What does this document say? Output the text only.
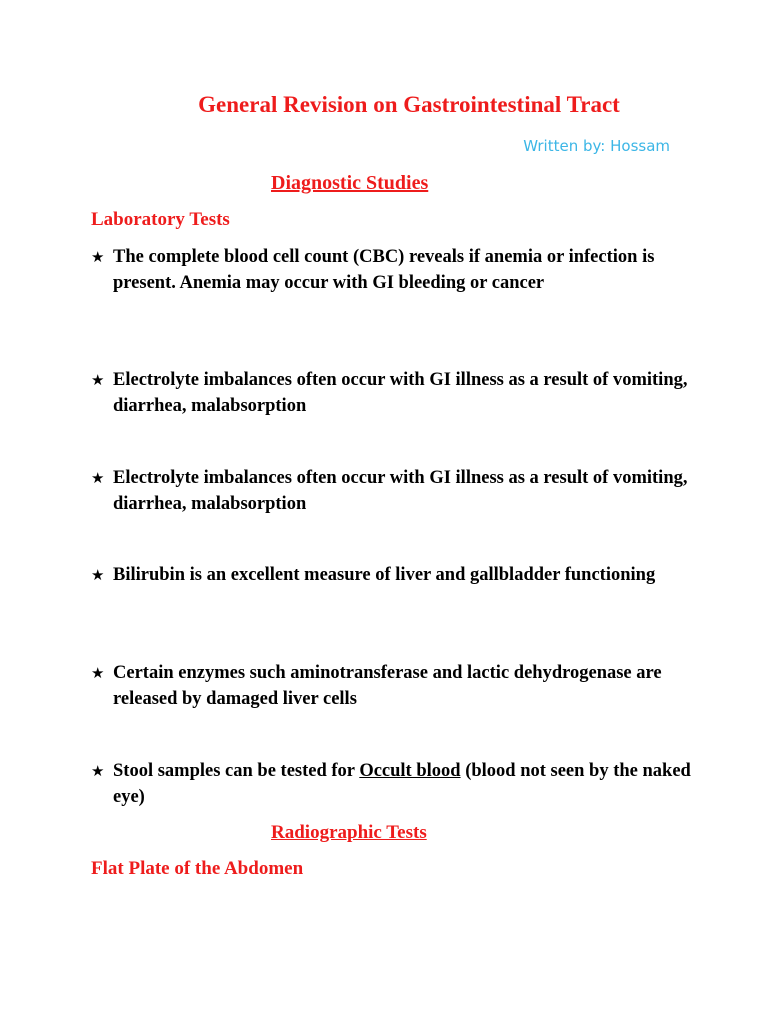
General Revision on Gastrointestinal Tract
Written by: Hossam
Diagnostic Studies
Laboratory Tests
★ The complete blood cell count (CBC) reveals if anemia or infection is present. Anemia may occur with GI bleeding or cancer
★ Electrolyte imbalances often occur with GI illness as a result of vomiting, diarrhea, malabsorption
★ Electrolyte imbalances often occur with GI illness as a result of vomiting, diarrhea, malabsorption
★ Bilirubin is an excellent measure of liver and gallbladder functioning
★ Certain enzymes such aminotransferase and lactic dehydrogenase are released by damaged liver cells
★ Stool samples can be tested for Occult blood (blood not seen by the naked eye)
Radiographic Tests
Flat Plate of the Abdomen
